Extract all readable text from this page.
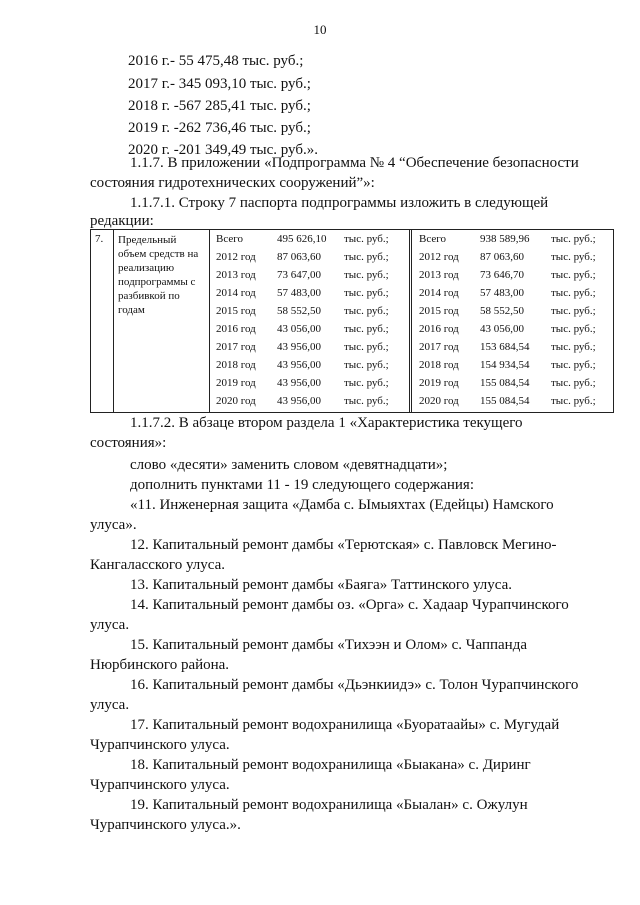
10
2016 г.- 55 475,48 тыс. руб.;
2017 г.- 345 093,10 тыс. руб.;
2018 г. -567 285,41 тыс. руб.;
2019 г. -262 736,46 тыс. руб.;
2020 г. -201 349,49 тыс. руб.».
1.1.7. В приложении «Подпрограмма № 4 “Обеспечение безопасности
состояния гидротехнических сооружений”»:
1.1.7.1. Строку 7 паспорта подпрограммы изложить в следующей
редакции:
7. Предельный
объем средств на
реализацию
подпрограммы с
разбивкой по
годам
Всего	495 626,10 тыс. руб.;
2012 год 87 063,60 тыс. руб.;
2013 год 73 647,00 тыс. руб.;
2014 год 57 483,00 тыс. руб.;
2015 год 58 552,50 тыс. руб.;
2016 год 43 056,00 тыс. руб.;
2017 год 43 956,00 тыс. руб.;
2018 год 43 956,00 тыс. руб.;
2019 год 43 956,00 тыс. руб.;
2020 год 43 956,00 тыс. руб.;
Всего	938 589,96 тыс. руб.;
2012 год 87 063,60 тыс. руб.;
2013 год 73 646,70 тыс. руб.;
2014 год 57 483,00 тыс. руб.;
2015 год 58 552,50 тыс. руб.;
2016 год 43 056,00 тыс. руб.;
2017 год 153 684,54 тыс. руб.;
2018 год 154 934,54 тыс. руб.;
2019 год 155 084,54 тыс. руб.;
2020 год 155 084,54 тыс. руб.;
1.1.7.2. В абзаце втором раздела 1 «Характеристика текущего
состояния»:
слово «десяти» заменить словом «девятнадцати»;
дополнить пунктами 11 - 19 следующего содержания:
«11. Инженерная защита «Дамба с. Ымыяхтах (Едейцы) Намского
улуса».
12. Капитальный ремонт дамбы «Терютская» с. Павловск Мегино-
Кангаласского улуса.
13. Капитальный ремонт дамбы «Баяга» Таттинского улуса.
14. Капитальный ремонт дамбы оз. «Орга» с. Хадаар Чурапчинского
улуса.
15. Капитальный ремонт дамбы «Тихээн и Олом» с. Чаппанда
Нюрбинского района.
16. Капитальный ремонт дамбы «Дьэнкиидэ» с. Толон Чурапчинского
улуса.
17. Капитальный ремонт водохранилища «Буоратаайы» с. Мугудай
Чурапчинского улуса.
18. Капитальный ремонт водохранилища «Быакана» с. Диринг
Чурапчинского улуса.
19. Капитальный ремонт водохранилища «Быалан» с. Ожулун
Чурапчинского улуса.».
